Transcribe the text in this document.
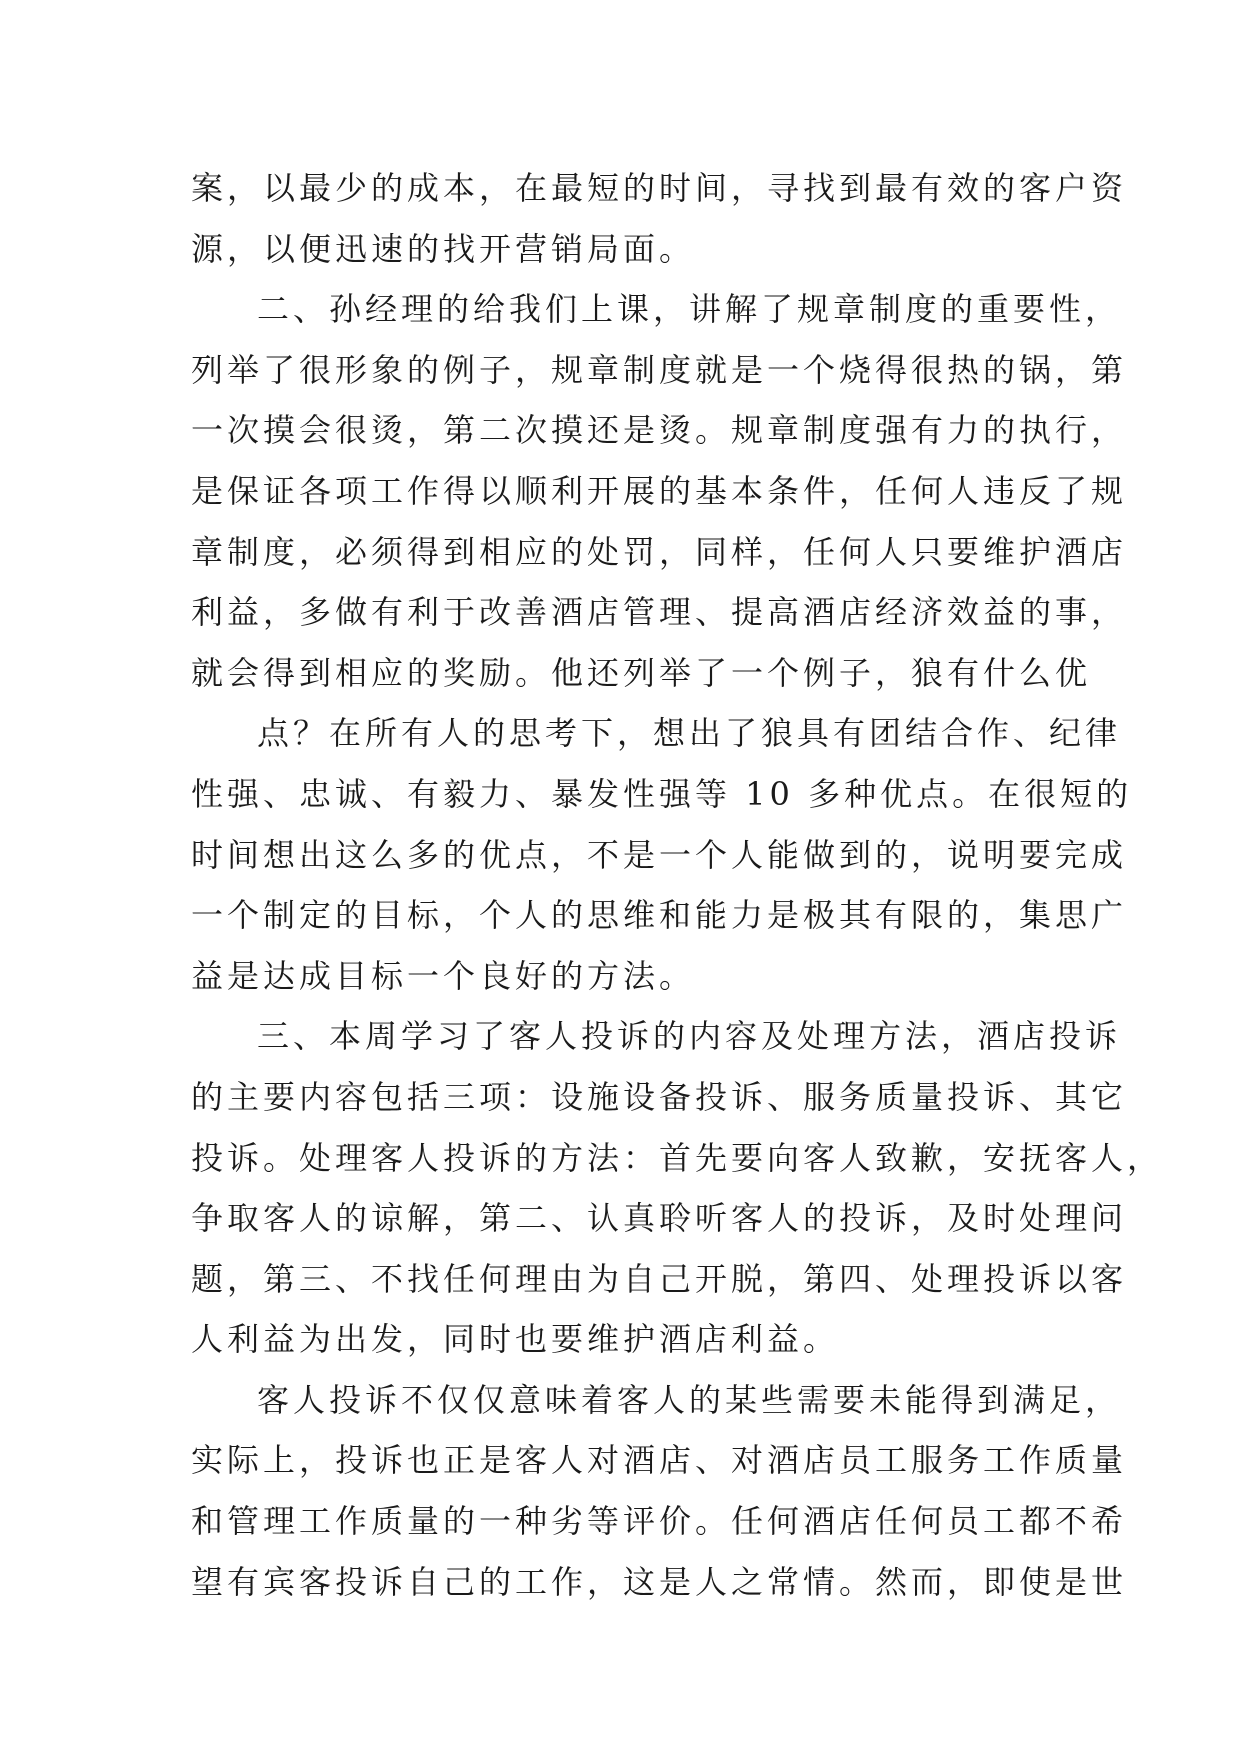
案，以最少的成本，在最短的时间，寻找到最有效的客户资
源，以便迅速的找开营销局面。
二、孙经理的给我们上课，讲解了规章制度的重要性，
列举了很形象的例子，规章制度就是一个烧得很热的锅，第
一次摸会很烫，第二次摸还是烫。规章制度强有力的执行，
是保证各项工作得以顺利开展的基本条件，任何人违反了规
章制度，必须得到相应的处罚，同样，任何人只要维护酒店
利益，多做有利于改善酒店管理、提高酒店经济效益的事，
就会得到相应的奖励。他还列举了一个例子，狼有什么优
点？在所有人的思考下，想出了狼具有团结合作、纪律
性强、忠诚、有毅力、暴发性强等 10 多种优点。在很短的
时间想出这么多的优点，不是一个人能做到的，说明要完成
一个制定的目标，个人的思维和能力是极其有限的，集思广
益是达成目标一个良好的方法。
三、本周学习了客人投诉的内容及处理方法，酒店投诉
的主要内容包括三项：设施设备投诉、服务质量投诉、其它
投诉。处理客人投诉的方法：首先要向客人致歉，安抚客人，
争取客人的谅解，第二、认真聆听客人的投诉，及时处理问
题，第三、不找任何理由为自己开脱，第四、处理投诉以客
人利益为出发，同时也要维护酒店利益。
客人投诉不仅仅意味着客人的某些需要未能得到满足，
实际上，投诉也正是客人对酒店、对酒店员工服务工作质量
和管理工作质量的一种劣等评价。任何酒店任何员工都不希
望有宾客投诉自己的工作，这是人之常情。然而，即使是世
